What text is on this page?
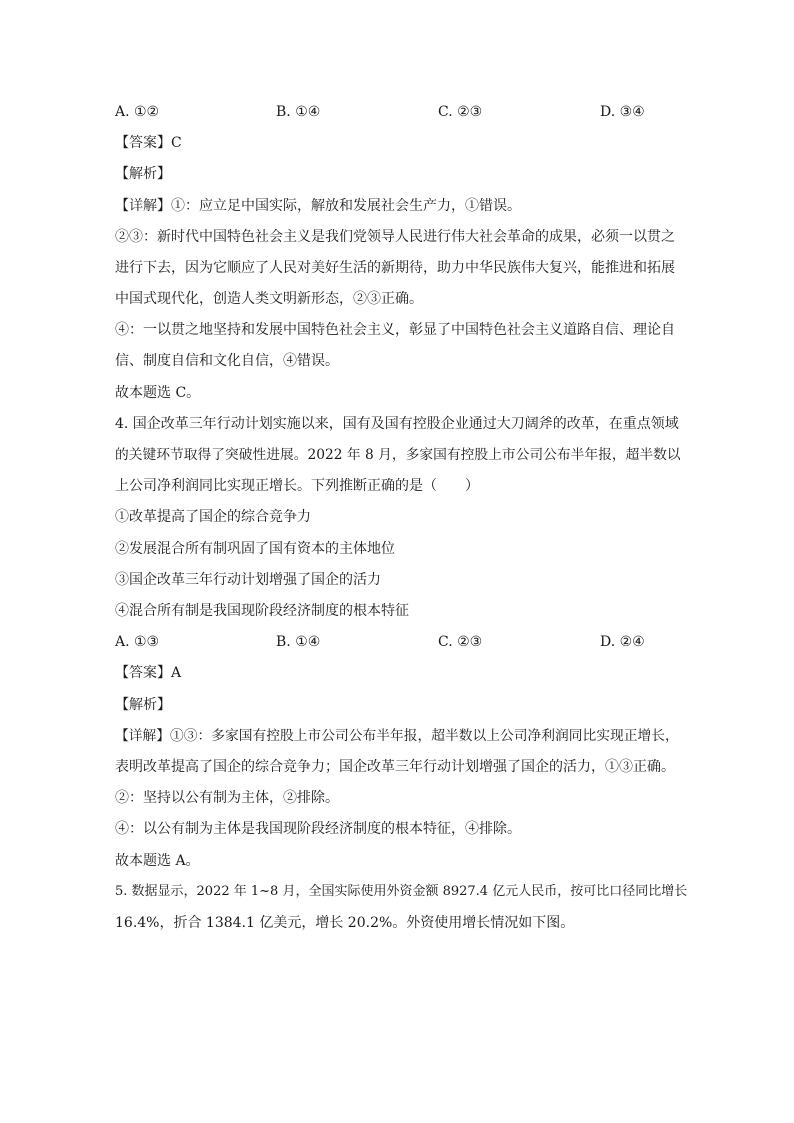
A. ①②	B. ①④	C. ②③	D. ③④
【答案】C
【解析】
【详解】①：应立足中国实际，解放和发展社会生产力，①错误。
②③：新时代中国特色社会主义是我们党领导人民进行伟大社会革命的成果，必须一以贯之
进行下去，因为它顺应了人民对美好生活的新期待，助力中华民族伟大复兴，能推进和拓展
中国式现代化，创造人类文明新形态，②③正确。
④：一以贯之地坚持和发展中国特色社会主义，彰显了中国特色社会主义道路自信、理论自
信、制度自信和文化自信，④错误。
故本题选 C。
4. 国企改革三年行动计划实施以来，国有及国有控股企业通过大刀阔斧的改革，在重点领域
的关键环节取得了突破性进展。2022 年 8 月，多家国有控股上市公司公布半年报，超半数以
上公司净利润同比实现正增长。下列推断正确的是（　　）
①改革提高了国企的综合竞争力
②发展混合所有制巩固了国有资本的主体地位
③国企改革三年行动计划增强了国企的活力
④混合所有制是我国现阶段经济制度的根本特征
A. ①③	B. ①④	C. ②③	D. ②④
【答案】A
【解析】
【详解】①③：多家国有控股上市公司公布半年报，超半数以上公司净利润同比实现正增长，
表明改革提高了国企的综合竞争力；国企改革三年行动计划增强了国企的活力，①③正确。
②：坚持以公有制为主体，②排除。
④：以公有制为主体是我国现阶段经济制度的根本特征，④排除。
故本题选 A。
5. 数据显示，2022 年 1~8 月，全国实际使用外资金额 8927.4 亿元人民币，按可比口径同比增长
16.4%，折合 1384.1 亿美元，增长 20.2%。外资使用增长情况如下图。
